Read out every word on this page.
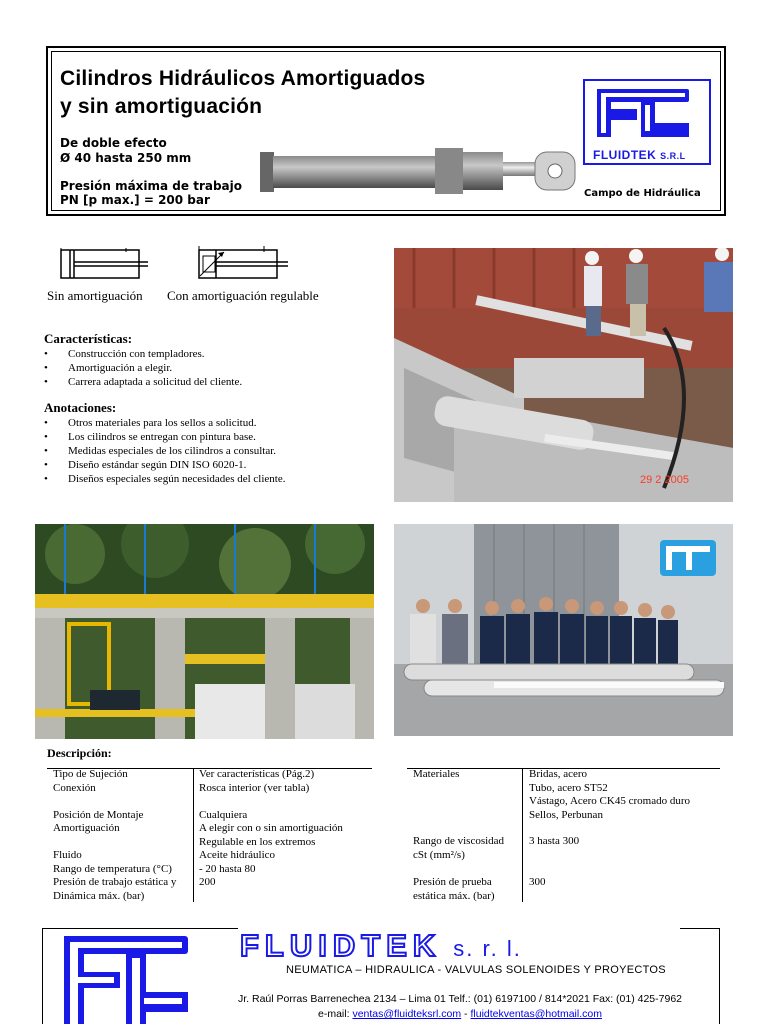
Cilindros Hidráulicos Amortiguados
y sin amortiguación
De doble efecto
Ø 40 hasta 250 mm
Presión máxima de trabajo
PN [p max.] = 200 bar
FLUIDTEK S.R.L
Campo de Hidráulica
Sin amortiguación Con amortiguación regulable
Características:
• Construcción con templadores.
• Amortiguación a elegir.
• Carrera adaptada a solicitud del cliente.
Anotaciones:
• Otros materiales para los sellos a solicitud.
• Los cilindros se entregan con pintura base.
• Medidas especiales de los cilindros a consultar.
• Diseño estándar según DIN ISO 6020-1.
• Diseños especiales según necesidades del cliente.	29 2 2005
Descripción:
Tipo de Sujeción
Conexión

Posición de Montaje
Amortiguación

Fluido
Rango de temperatura (°C)
Presión de trabajo estática y
Dinámica máx. (bar)
Ver características (Pág.2)
Rosca interior (ver tabla)

Cualquiera
A elegir con o sin amortiguación
Regulable en los extremos
Aceite hidráulico
- 20 hasta 80
200
Materiales	Bridas, acero
Tubo, acero ST52
Vástago, Acero CK45 cromado duro
Sellos, Perbunan
Rango de viscosidad
cSt (mm²/s)
3 hasta 300
Presión de prueba
estática máx. (bar)
300
FLUIDTEK s. r. l.
NEUMATICA – HIDRAULICA - VALVULAS SOLENOIDES Y PROYECTOS
Jr. Raúl Porras Barrenechea 2134 – Lima 01 Telf.: (01) 6197100 / 814*2021 Fax: (01) 425-7962
e-mail: ventas@fluidteksrl.com - fluidtekventas@hotmail.com
